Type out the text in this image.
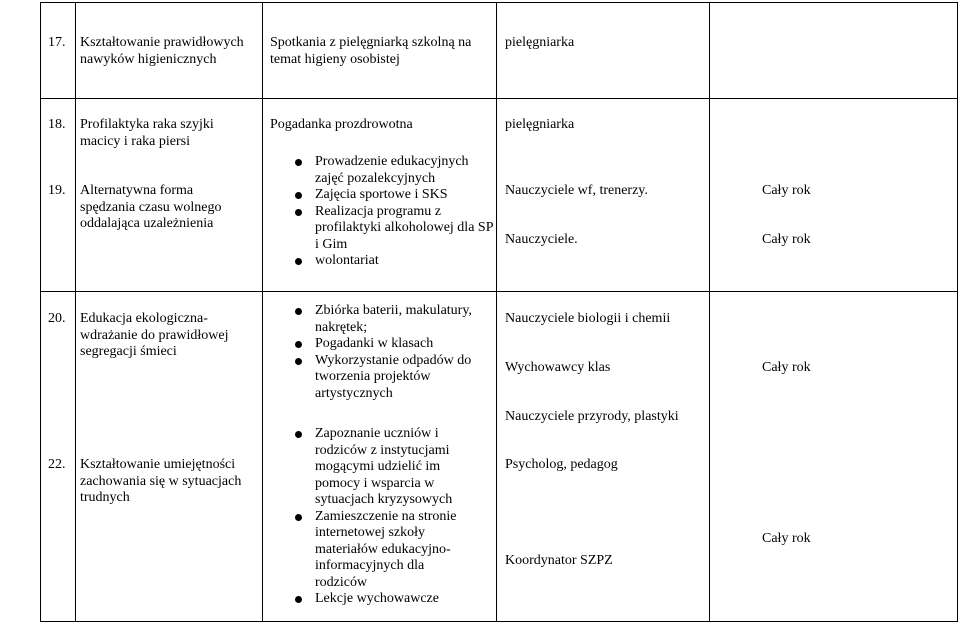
17. Kształtowanie prawidłowych nawyków higienicznych
Spotkania z pielęgniarką szkolną na temat higieny osobistej
pielęgniarka
18. Profilaktyka raka szyjki macicy i raka piersi
Pogadanka prozdrowotna	pielęgniarka
19. Alternatywna forma spędzania czasu wolnego oddalająca uzależnienia
Prowadzenie edukacyjnych zajęć pozalekcyjnych
Zajęcia sportowe i SKS
Realizacja programu z profilaktyki alkoholowej dla SP i Gim
wolontariat
Nauczyciele wf, trenerzy.
Nauczyciele.
Cały rok
Cały rok
20. Edukacja ekologiczna- wdrażanie do prawidłowej segregacji śmieci
Zbiórka baterii, makulatury, nakrętek;
Pogadanki w klasach
Wykorzystanie odpadów do tworzenia projektów artystycznych
Nauczyciele biologii i chemii
Wychowawcy klas
Nauczyciele przyrody, plastyki
Cały rok
22. Kształtowanie umiejętności zachowania się w sytuacjach trudnych
Zapoznanie uczniów i rodziców z instytucjami mogącymi udzielić im pomocy i wsparcia w sytuacjach kryzysowych
Zamieszczenie na stronie internetowej szkoły materiałów edukacyjno-informacyjnych dla rodziców
Lekcje wychowawcze
Psycholog, pedagog
Koordynator SZPZ
Cały rok
